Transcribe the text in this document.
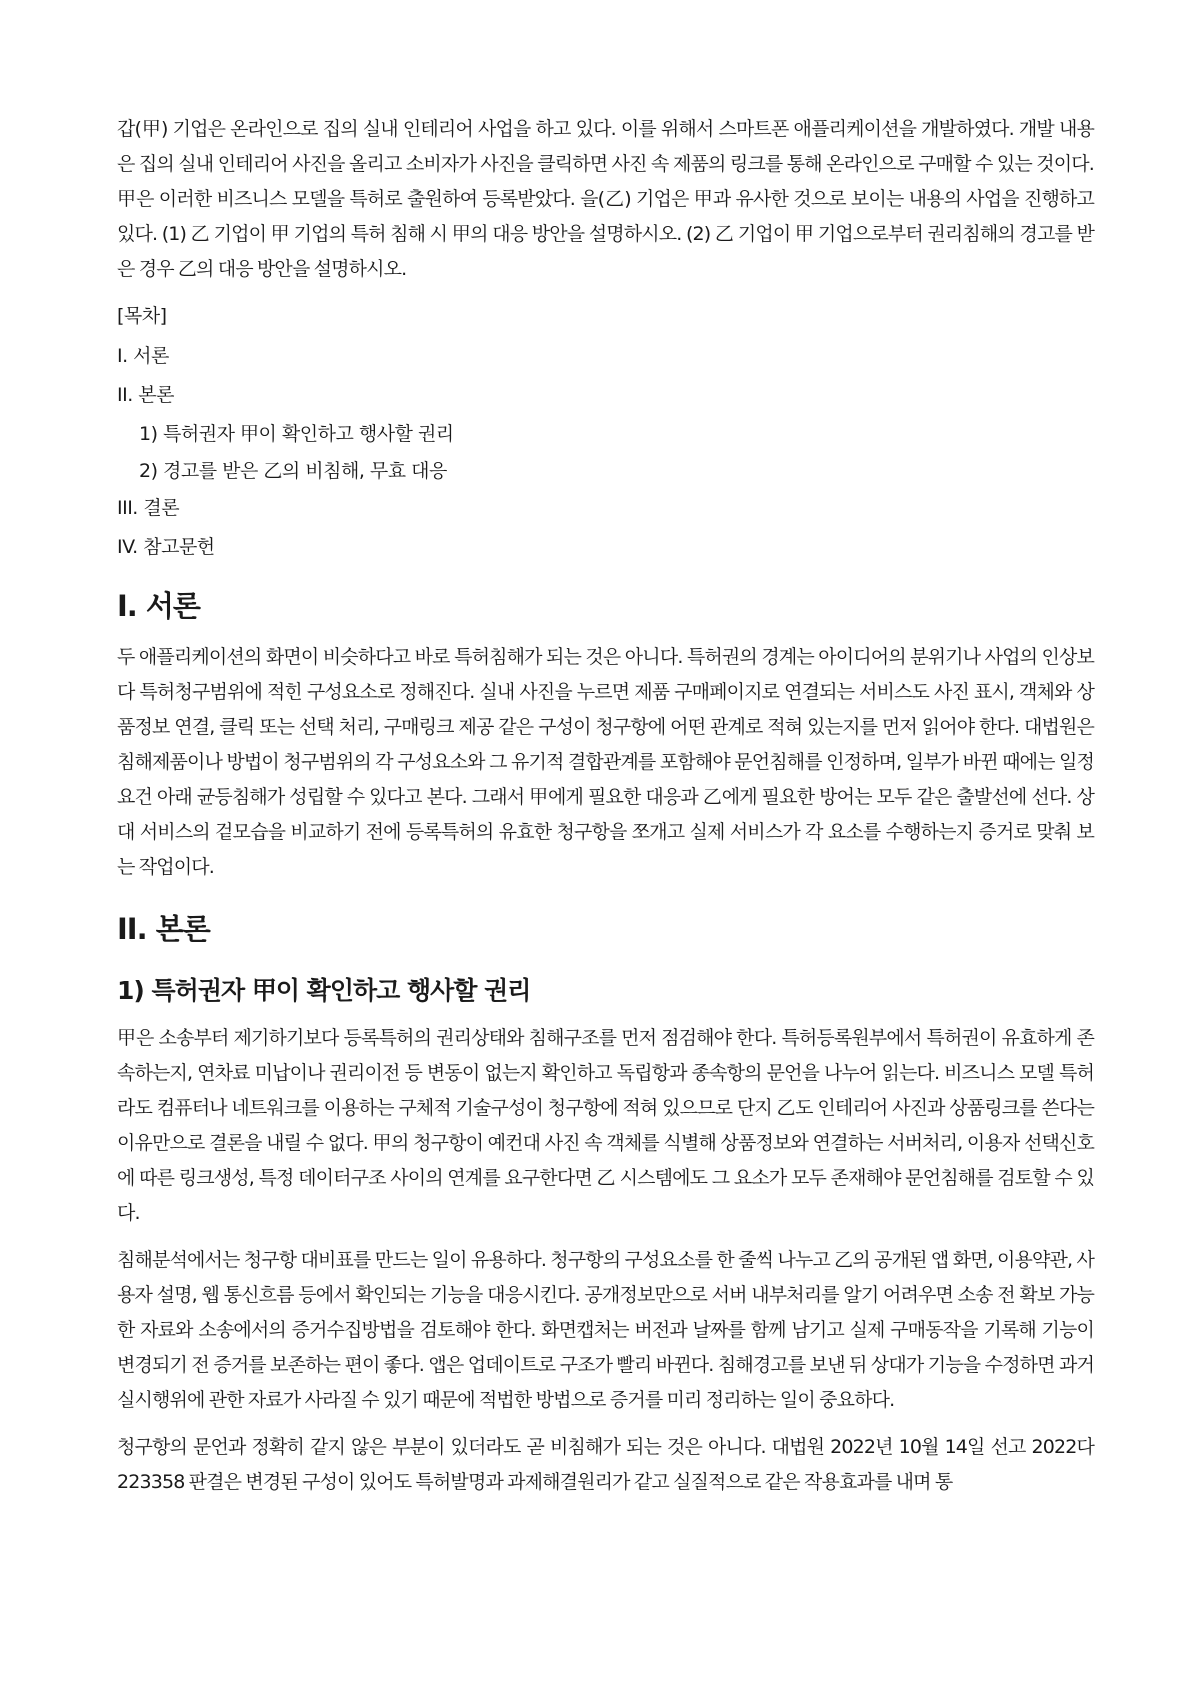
갑(甲) 기업은 온라인으로 집의 실내 인테리어 사업을 하고 있다. 이를 위해서 스마트폰 애플리케이션을 개발하였다. 개발 내용은 집의 실내 인테리어 사진을 올리고 소비자가 사진을 클릭하면 사진 속 제품의 링크를 통해 온라인으로 구매할 수 있는 것이다. 甲은 이러한 비즈니스 모델을 특허로 출원하여 등록받았다. 을(乙) 기업은 甲과 유사한 것으로 보이는 내용의 사업을 진행하고 있다. (1) 乙 기업이 甲 기업의 특허 침해 시 甲의 대응 방안을 설명하시오. (2) 乙 기업이 甲 기업으로부터 권리침해의 경고를 받은 경우 乙의 대응 방안을 설명하시오.

[목차]
I. 서론
II. 본론
1) 특허권자 甲이 확인하고 행사할 권리
2) 경고를 받은 乙의 비침해, 무효 대응
III. 결론
IV. 참고문헌
I. 서론

두 애플리케이션의 화면이 비슷하다고 바로 특허침해가 되는 것은 아니다. 특허권의 경계는 아이디어의 분위기나 사업의 인상보다 특허청구범위에 적힌 구성요소로 정해진다. 실내 사진을 누르면 제품 구매페이지로 연결되는 서비스도 사진 표시, 객체와 상품정보 연결, 클릭 또는 선택 처리, 구매링크 제공 같은 구성이 청구항에 어떤 관계로 적혀 있는지를 먼저 읽어야 한다. 대법원은 침해제품이나 방법이 청구범위의 각 구성요소와 그 유기적 결합관계를 포함해야 문언침해를 인정하며, 일부가 바뀐 때에는 일정 요건 아래 균등침해가 성립할 수 있다고 본다. 그래서 甲에게 필요한 대응과 乙에게 필요한 방어는 모두 같은 출발선에 선다. 상대 서비스의 겉모습을 비교하기 전에 등록특허의 유효한 청구항을 쪼개고 실제 서비스가 각 요소를 수행하는지 증거로 맞춰 보는 작업이다.

II. 본론
1) 특허권자 甲이 확인하고 행사할 권리

甲은 소송부터 제기하기보다 등록특허의 권리상태와 침해구조를 먼저 점검해야 한다. 특허등록원부에서 특허권이 유효하게 존속하는지, 연차료 미납이나 권리이전 등 변동이 없는지 확인하고 독립항과 종속항의 문언을 나누어 읽는다. 비즈니스 모델 특허라도 컴퓨터나 네트워크를 이용하는 구체적 기술구성이 청구항에 적혀 있으므로 단지 乙도 인테리어 사진과 상품링크를 쓴다는 이유만으로 결론을 내릴 수 없다. 甲의 청구항이 예컨대 사진 속 객체를 식별해 상품정보와 연결하는 서버처리, 이용자 선택신호에 따른 링크생성, 특정 데이터구조 사이의 연계를 요구한다면 乙 시스템에도 그 요소가 모두 존재해야 문언침해를 검토할 수 있다.

침해분석에서는 청구항 대비표를 만드는 일이 유용하다. 청구항의 구성요소를 한 줄씩 나누고 乙의 공개된 앱 화면, 이용약관, 사용자 설명, 웹 통신흐름 등에서 확인되는 기능을 대응시킨다. 공개정보만으로 서버 내부처리를 알기 어려우면 소송 전 확보 가능한 자료와 소송에서의 증거수집방법을 검토해야 한다. 화면캡처는 버전과 날짜를 함께 남기고 실제 구매동작을 기록해 기능이 변경되기 전 증거를 보존하는 편이 좋다. 앱은 업데이트로 구조가 빨리 바뀐다. 침해경고를 보낸 뒤 상대가 기능을 수정하면 과거 실시행위에 관한 자료가 사라질 수 있기 때문에 적법한 방법으로 증거를 미리 정리하는 일이 중요하다.

청구항의 문언과 정확히 같지 않은 부분이 있더라도 곧 비침해가 되는 것은 아니다. 대법원 2022년 10월 14일 선고 2022다223358 판결은 변경된 구성이 있어도 특허발명과 과제해결원리가 같고 실질적으로 같은 작용효과를 내며 통
